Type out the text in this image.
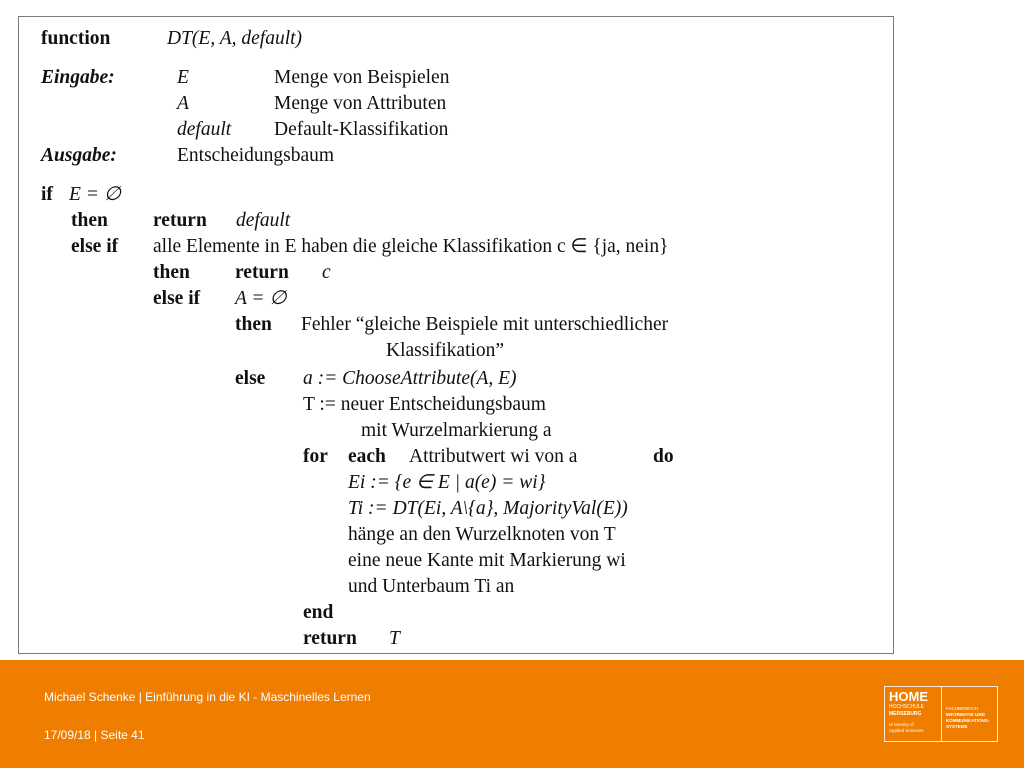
function	DT(E, A, default)
Eingabe:	E	Menge von Beispielen
A	Menge von Attributen
default Default-Klassifikation
Ausgabe:	Entscheidungsbaum
if E = ∅
then return default
else if alle Elemente in E haben die gleiche Klassifikation c ∈ {ja, nein}
then return c
else if A = ∅
then Fehler “gleiche Beispiele mit unterschiedlicher
Klassifikation”
else a := ChooseAttribute(A, E)
T := neuer Entscheidungsbaum
mit Wurzelmarkierung a
for each Attributwert wi von a	do
Ei := {e ∈ E | a(e) = wi}
Ti := DT(Ei, A\{a}, MajorityVal(E))
hänge an den Wurzelknoten von T
eine neue Kante mit Markierung wi
und Unterbaum Ti an
end
return T
Michael Schenke | Einführung in die KI - Maschinelles Lernen
17/09/18 | Seite 41
HOME
HOCHSCHULE
MERSEBURG
University of
Applied Sciences
FACHBEREICH
INFORMATIK UND
KOMMUNIKATIONS-
SYSTEME
